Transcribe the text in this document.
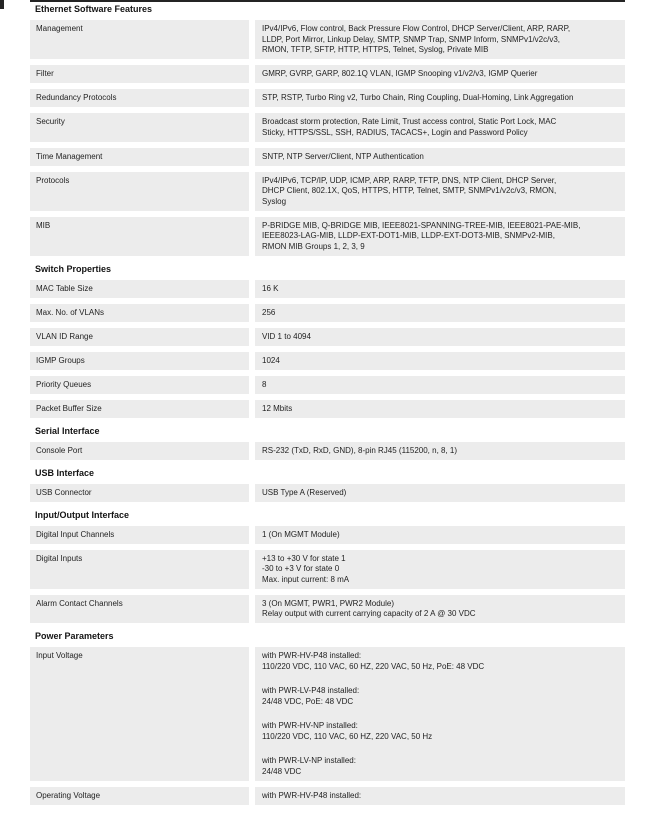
Ethernet Software Features
Management	IPv4/IPv6, Flow control, Back Pressure Flow Control, DHCP Server/Client, ARP, RARP,
LLDP, Port Mirror, Linkup Delay, SMTP, SNMP Trap, SNMP Inform, SNMPv1/v2c/v3,
RMON, TFTP, SFTP, HTTP, HTTPS, Telnet, Syslog, Private MIB
Filter	GMRP, GVRP, GARP, 802.1Q VLAN, IGMP Snooping v1/v2/v3, IGMP Querier
Redundancy Protocols	STP, RSTP, Turbo Ring v2, Turbo Chain, Ring Coupling, Dual-Homing, Link Aggregation
Security	Broadcast storm protection, Rate Limit, Trust access control, Static Port Lock, MAC
Sticky, HTTPS/SSL, SSH, RADIUS, TACACS+, Login and Password Policy
Time Management	SNTP, NTP Server/Client, NTP Authentication
Protocols	IPv4/IPv6, TCP/IP, UDP, ICMP, ARP, RARP, TFTP, DNS, NTP Client, DHCP Server,
DHCP Client, 802.1X, QoS, HTTPS, HTTP, Telnet, SMTP, SNMPv1/v2c/v3, RMON,
Syslog
MIB	P-BRIDGE MIB, Q-BRIDGE MIB, IEEE8021-SPANNING-TREE-MIB, IEEE8021-PAE-MIB,
IEEE8023-LAG-MIB, LLDP-EXT-DOT1-MIB, LLDP-EXT-DOT3-MIB, SNMPv2-MIB,
RMON MIB Groups 1, 2, 3, 9
Switch Properties
MAC Table Size	16 K
Max. No. of VLANs	256
VLAN ID Range	VID 1 to 4094
IGMP Groups	1024
Priority Queues	8
Packet Buffer Size	12 Mbits
Serial Interface
Console Port	RS-232 (TxD, RxD, GND), 8-pin RJ45 (115200, n, 8, 1)
USB Interface
USB Connector	USB Type A (Reserved)
Input/Output Interface
Digital Input Channels	1 (On MGMT Module)
Digital Inputs	+13 to +30 V for state 1
-30 to +3 V for state 0
Max. input current: 8 mA
Alarm Contact Channels	3 (On MGMT, PWR1, PWR2 Module)
Relay output with current carrying capacity of 2 A @ 30 VDC
Power Parameters
Input Voltage	with PWR-HV-P48 installed:
110/220 VDC, 110 VAC, 60 HZ, 220 VAC, 50 Hz, PoE: 48 VDC
with PWR-LV-P48 installed:
24/48 VDC, PoE: 48 VDC
with PWR-HV-NP installed:
110/220 VDC, 110 VAC, 60 HZ, 220 VAC, 50 Hz
with PWR-LV-NP installed:
24/48 VDC
Operating Voltage	with PWR-HV-P48 installed:
